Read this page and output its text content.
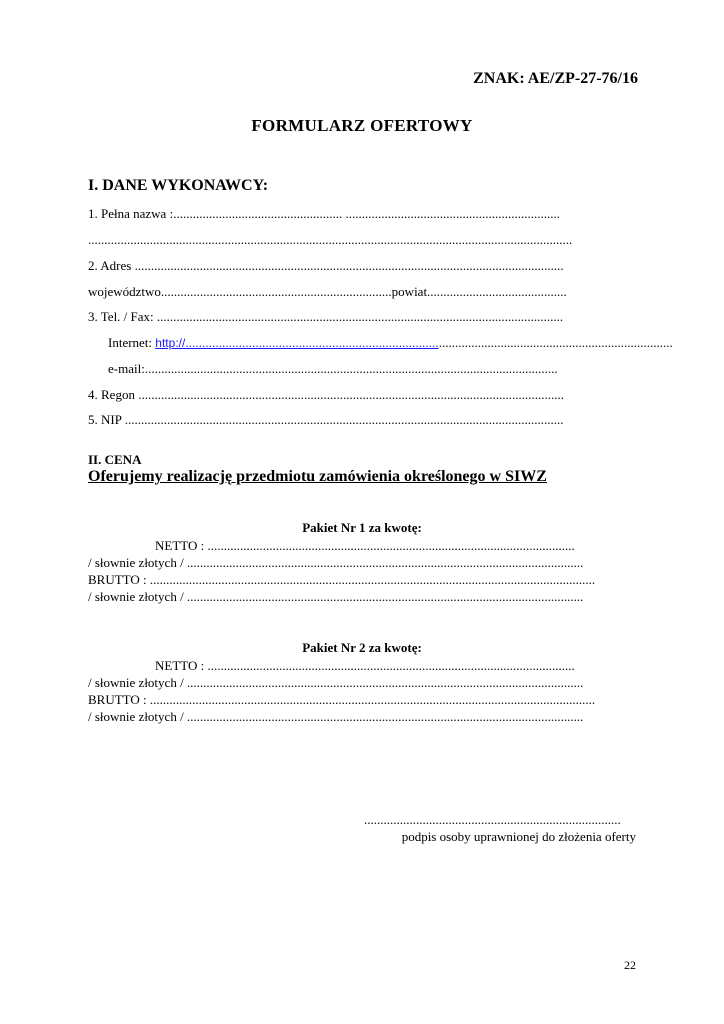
ZNAK: AE/ZP-27-76/16
FORMULARZ OFERTOWY
I. DANE WYKONAWCY:
1. Pełna nazwa :.................................................... ..................................................................
.....................................................................................................................................................
2. Adres ....................................................................................................................................
województwo.......................................................................powiat...........................................
3. Tel. / Fax: .............................................................................................................................
Internet: http://....................................................................................................................................................
e-mail:...............................................................................................................................
4. Regon ...................................................................................................................................
5. NIP .......................................................................................................................................
II. CENA
Oferujemy realizację przedmiotu zamówienia określonego w SIWZ
Pakiet Nr 1 za kwotę:
NETTO : .................................................................................................................
/ słownie złotych / ..........................................................................................................................
BRUTTO : .........................................................................................................................................
/ słownie złotych / ..........................................................................................................................
Pakiet Nr 2 za kwotę:
NETTO : .................................................................................................................
/ słownie złotych / ..........................................................................................................................
BRUTTO : .........................................................................................................................................
/ słownie złotych / ..........................................................................................................................
...............................................................................
podpis osoby uprawnionej do złożenia oferty
22
